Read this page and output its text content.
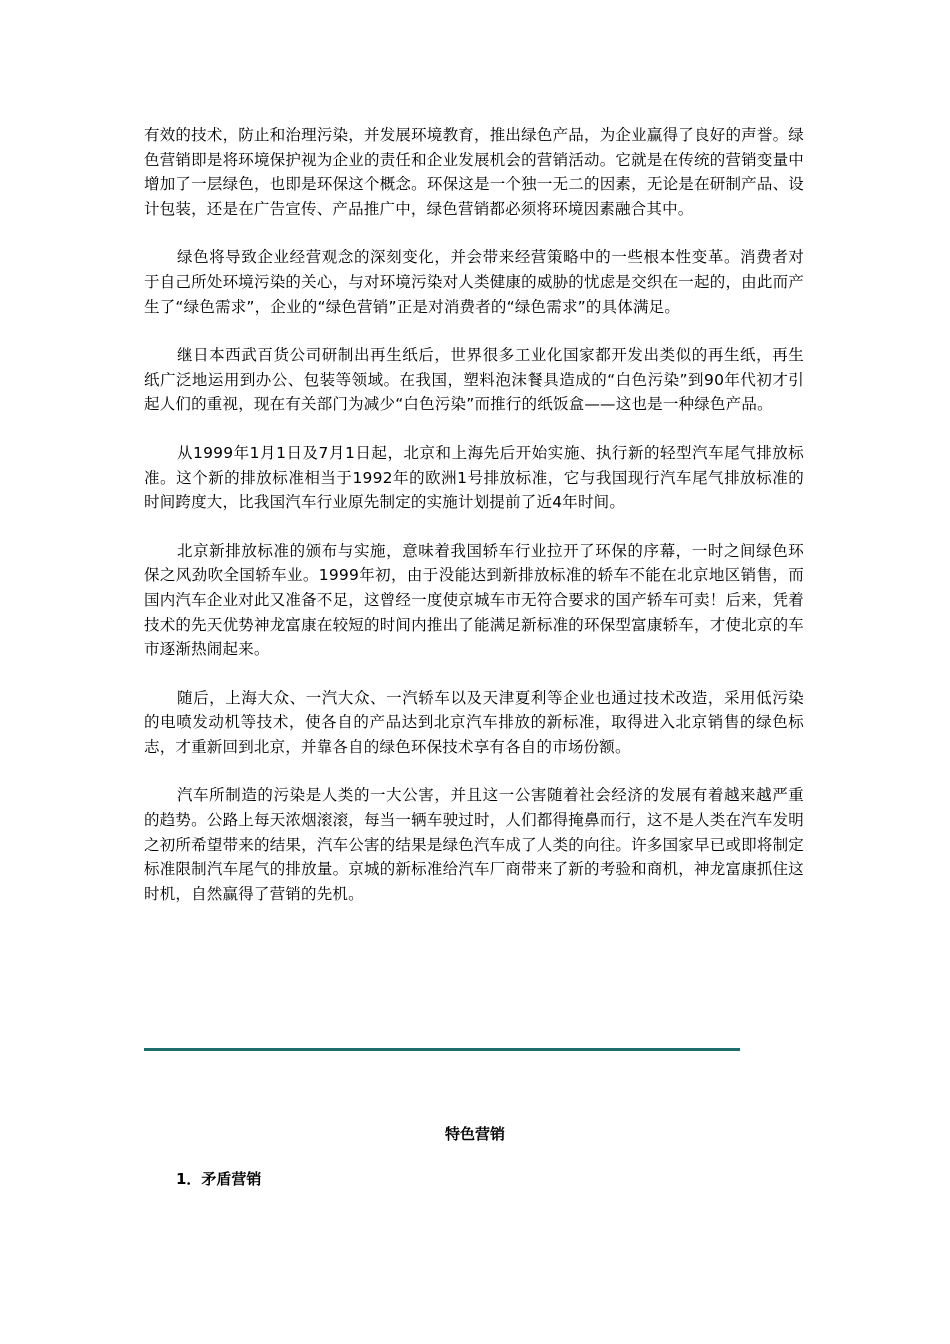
有效的技术，防止和治理污染，并发展环境教育，推出绿色产品，为企业赢得了良好的声誉。绿色营销即是将环境保护视为企业的责任和企业发展机会的营销活动。它就是在传统的营销变量中增加了一层绿色，也即是环保这个概念。环保这是一个独一无二的因素，无论是在研制产品、设计包装，还是在广告宣传、产品推广中，绿色营销都必须将环境因素融合其中。

绿色将导致企业经营观念的深刻变化，并会带来经营策略中的一些根本性变革。消费者对于自己所处环境污染的关心，与对环境污染对人类健康的威胁的忧虑是交织在一起的，由此而产生了“绿色需求”，企业的“绿色营销”正是对消费者的“绿色需求”的具体满足。

继日本西武百货公司研制出再生纸后，世界很多工业化国家都开发出类似的再生纸，再生纸广泛地运用到办公、包装等领域。在我国，塑料泡沫餐具造成的“白色污染”到90年代初才引起人们的重视，现在有关部门为减少“白色污染”而推行的纸饭盒——这也是一种绿色产品。

从1999年1月1日及7月1日起，北京和上海先后开始实施、执行新的轻型汽车尾气排放标准。这个新的排放标准相当于1992年的欧洲1号排放标准，它与我国现行汽车尾气排放标准的时间跨度大，比我国汽车行业原先制定的实施计划提前了近4年时间。

北京新排放标准的颁布与实施，意味着我国轿车行业拉开了环保的序幕，一时之间绿色环保之风劲吹全国轿车业。1999年初，由于没能达到新排放标准的轿车不能在北京地区销售，而国内汽车企业对此又准备不足，这曾经一度使京城车市无符合要求的国产轿车可卖！后来，凭着技术的先天优势神龙富康在较短的时间内推出了能满足新标准的环保型富康轿车，才使北京的车市逐渐热闹起来。

随后，上海大众、一汽大众、一汽轿车以及天津夏利等企业也通过技术改造，采用低污染的电喷发动机等技术，使各自的产品达到北京汽车排放的新标准，取得进入北京销售的绿色标志，才重新回到北京，并靠各自的绿色环保技术享有各自的市场份额。

汽车所制造的污染是人类的一大公害，并且这一公害随着社会经济的发展有着越来越严重的趋势。公路上每天浓烟滚滚，每当一辆车驶过时，人们都得掩鼻而行，这不是人类在汽车发明之初所希望带来的结果，汽车公害的结果是绿色汽车成了人类的向往。许多国家早已或即将制定标准限制汽车尾气的排放量。京城的新标准给汽车厂商带来了新的考验和商机，神龙富康抓住这时机，自然赢得了营销的先机。

特色营销
1．矛盾营销
